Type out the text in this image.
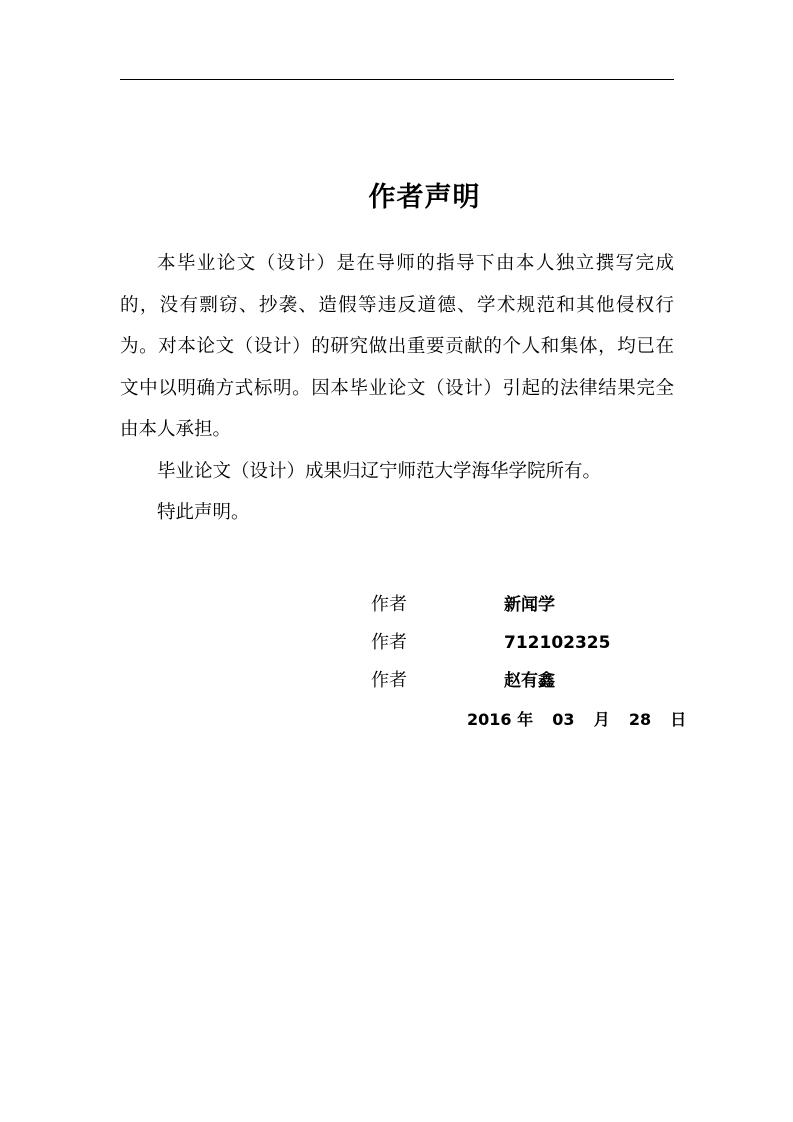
作者声明

本毕业论文（设计）是在导师的指导下由本人独立撰写完成的，没有剽窃、抄袭、造假等违反道德、学术规范和其他侵权行为。对本论文（设计）的研究做出重要贡献的个人和集体，均已在文中以明确方式标明。因本毕业论文（设计）引起的法律结果完全由本人承担。

毕业论文（设计）成果归辽宁师范大学海华学院所有。

特此声明。

作者	新闻学
作者	712102325
作者	赵有鑫
2016 年 03 月 28 日
